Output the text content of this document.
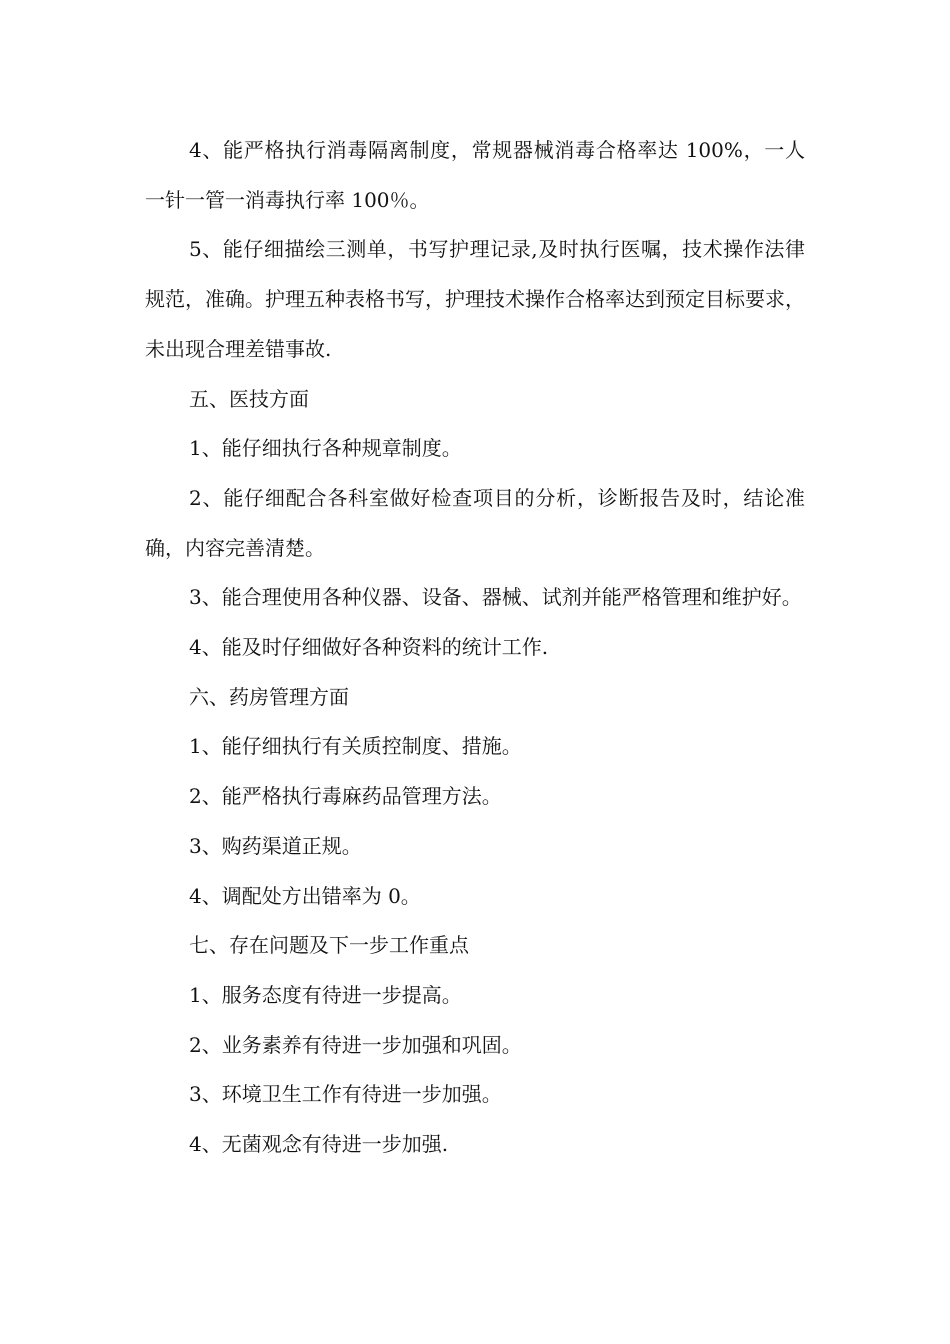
4、能严格执行消毒隔离制度，常规器械消毒合格率达 100%，一人一针一管一消毒执行率 100％。

5、能仔细描绘三测单，书写护理记录,及时执行医嘱，技术操作法律规范，准确。护理五种表格书写，护理技术操作合格率达到预定目标要求，未出现合理差错事故.

五、医技方面

1、能仔细执行各种规章制度。

2、能仔细配合各科室做好检查项目的分析，诊断报告及时，结论准确，内容完善清楚。

3、能合理使用各种仪器、设备、器械、试剂并能严格管理和维护好。

4、能及时仔细做好各种资料的统计工作.

六、药房管理方面

1、能仔细执行有关质控制度、措施。

2、能严格执行毒麻药品管理方法。

3、购药渠道正规。

4、调配处方出错率为 0。

七、存在问题及下一步工作重点

1、服务态度有待进一步提高。

2、业务素养有待进一步加强和巩固。

3、环境卫生工作有待进一步加强。

4、无菌观念有待进一步加强.
